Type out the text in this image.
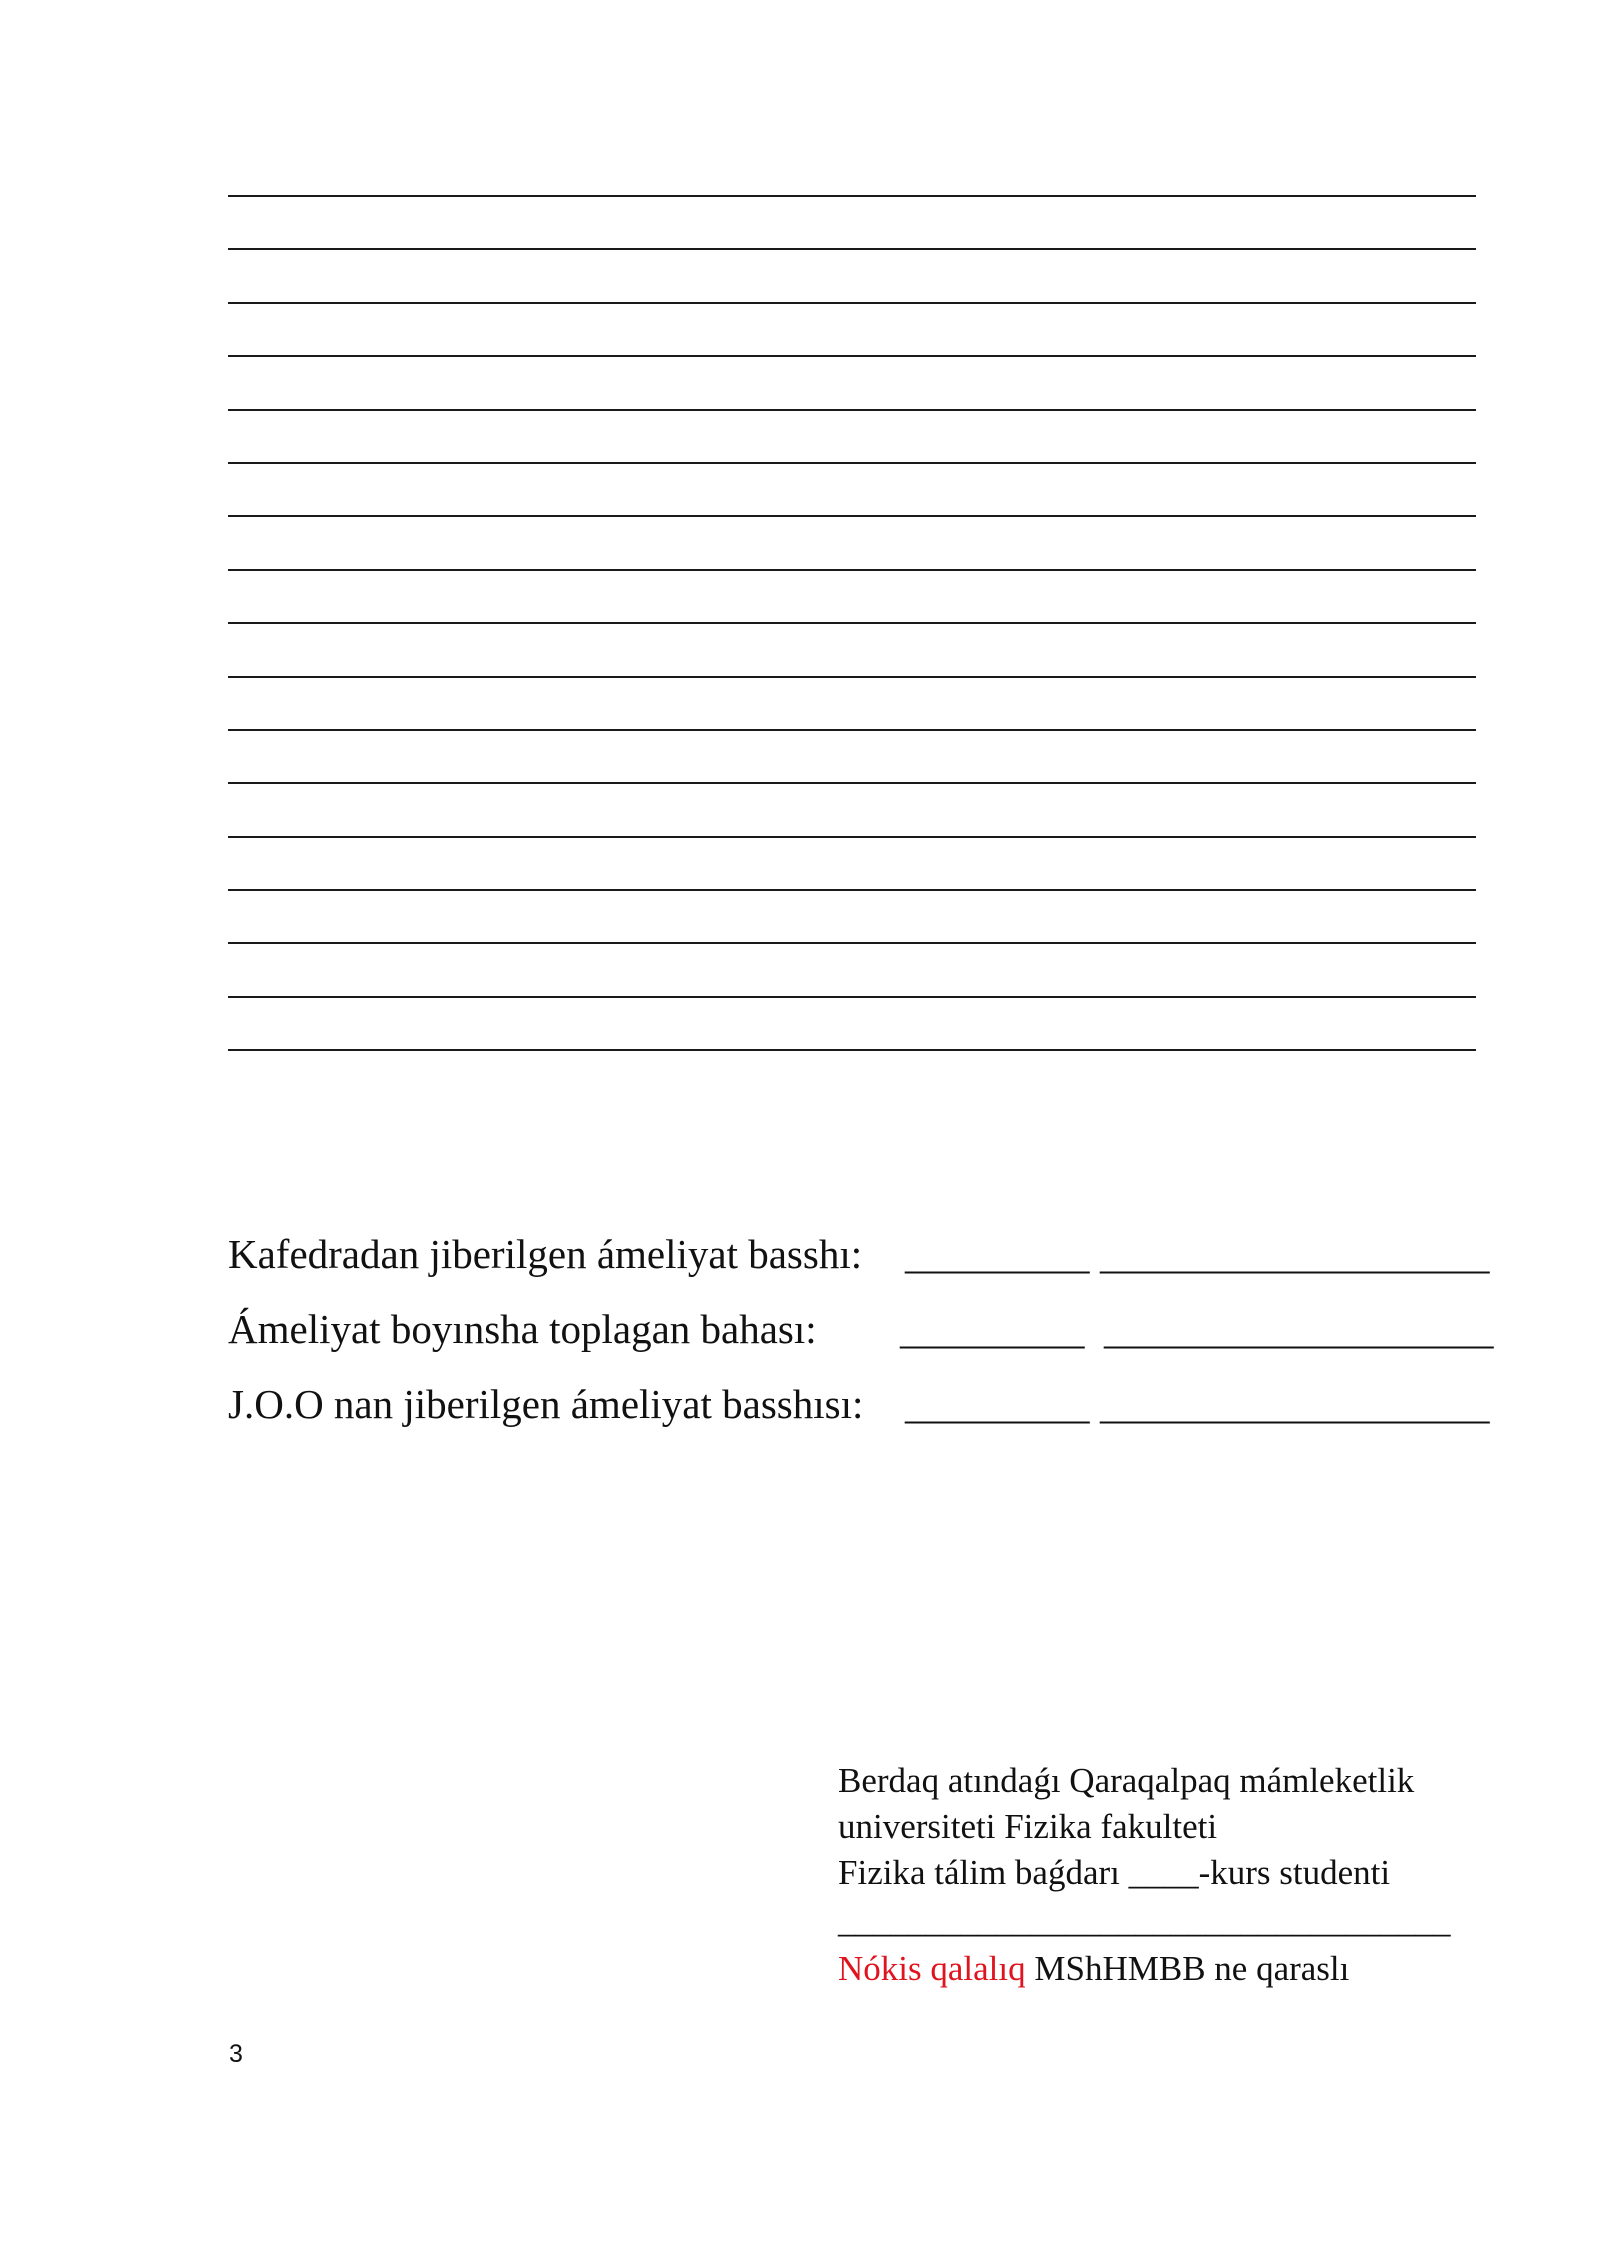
Kafedradan jiberilgen ámeliyat basshı: _________ ___________________
Ámeliyat boyınsha toplagan bahası: _________ ___________________
J.O.O nan jiberilgen ámeliyat basshısı: _________ ___________________
Berdaq atındaǵı Qaraqalpaq mámleketlik
universiteti Fizika fakulteti
Fizika tálim baǵdarı ____-kurs studenti
___________________________________
Nókis qalalıq MShHMBB ne qaraslı
3
